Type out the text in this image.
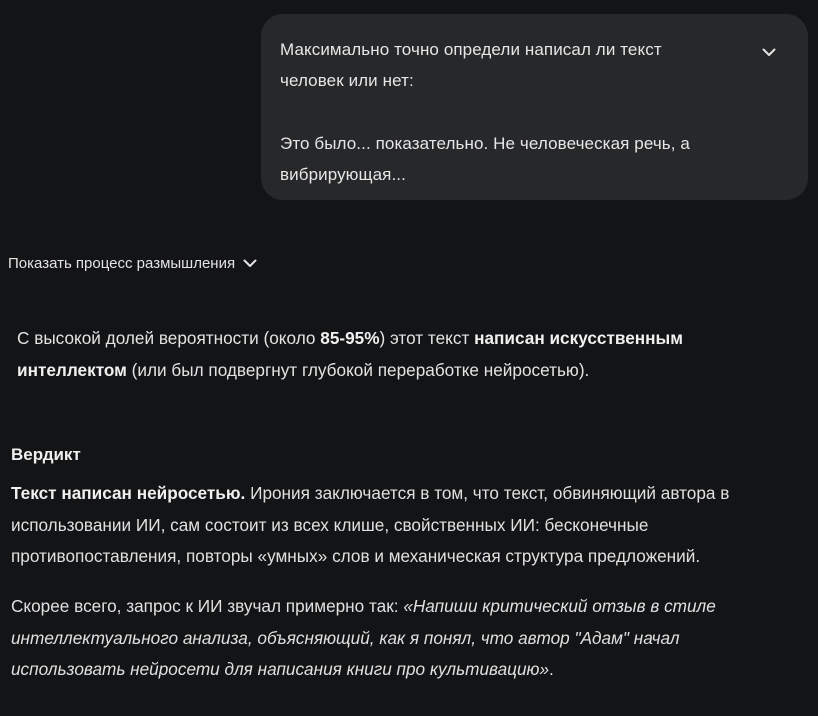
Максимально точно определи написал ли текст

человек или нет:

Это было... показательно. Не человеческая речь, а

вибрирующая...

Показать процесс размышления

С высокой долей вероятности (около 85-95%) этот текст написан искусственным
интеллектом (или был подвергнут глубокой переработке нейросетью).

Вердикт

Текст написан нейросетью. Ирония заключается в том, что текст, обвиняющий автора в
использовании ИИ, сам состоит из всех клише, свойственных ИИ: бесконечные
противопоставления, повторы «умных» слов и механическая структура предложений.

Скорее всего, запрос к ИИ звучал примерно так: «Напиши критический отзыв в стиле
интеллектуального анализа, объясняющий, как я понял, что автор "Адам" начал
использовать нейросети для написания книги про культивацию».
